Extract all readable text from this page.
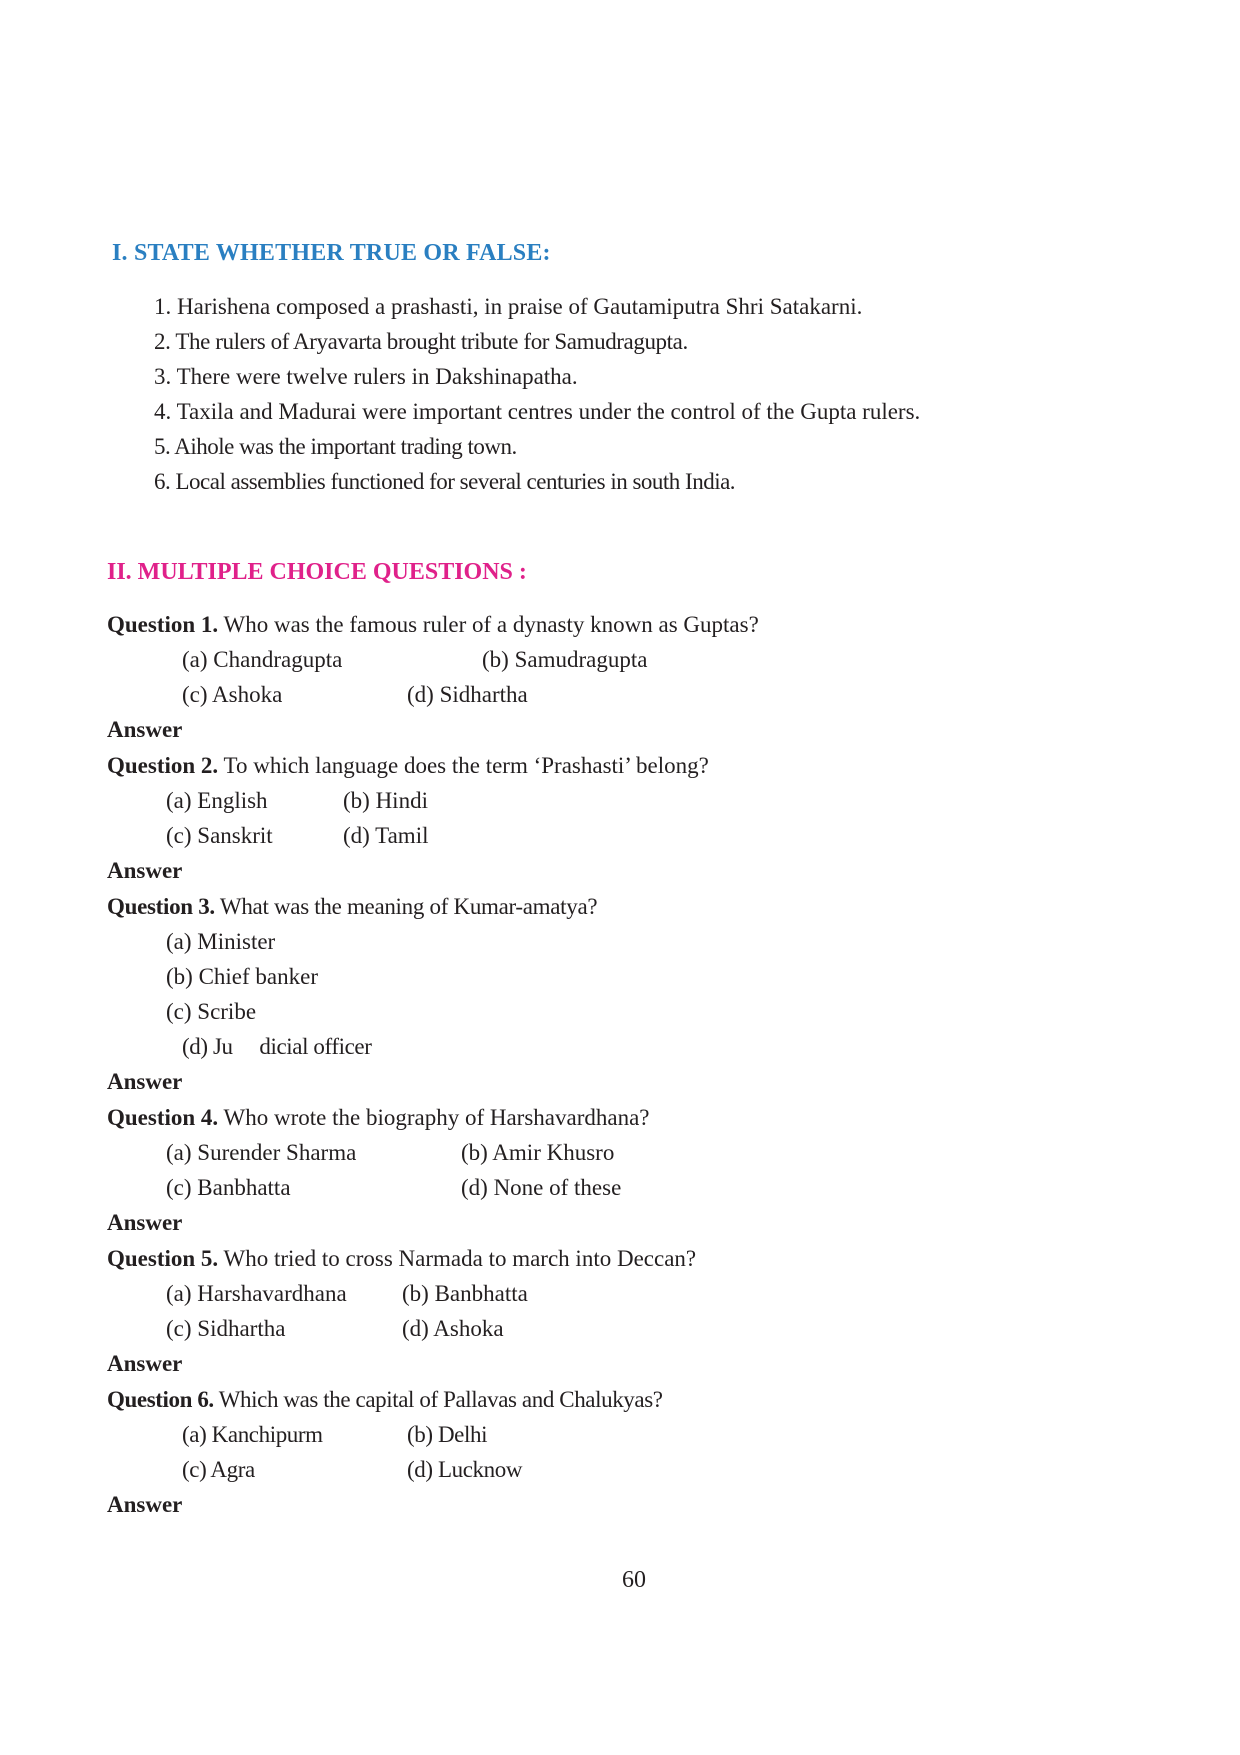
I. STATE WHETHER TRUE OR FALSE:
1. Harishena composed a prashasti, in praise of Gautamiputra Shri Satakarni.
2. The rulers of Aryavarta brought tribute for Samudragupta.
3. There were twelve rulers in Dakshinapatha.
4. Taxila and Madurai were important centres under the control of the Gupta rulers.
5. Aihole was the important trading town.
6. Local assemblies functioned for several centuries in south India.
II. MULTIPLE CHOICE QUESTIONS :
Question 1. Who was the famous ruler of a dynasty known as Guptas?
(a) Chandragupta	(b) Samudragupta
(c) Ashoka	(d) Sidhartha
Answer
Question 2. To which language does the term ‘Prashasti’ belong?
(a) English	(b) Hindi
(c) Sanskrit	(d) Tamil
Answer
Question 3. What was the meaning of Kumar-amatya?
(a) Minister
(b) Chief banker
(c) Scribe
(d) Ju     dicial officer
Answer
Question 4. Who wrote the biography of Harshavardhana?
(a) Surender Sharma	(b) Amir Khusro
(c) Banbhatta	(d) None of these
Answer
Question 5. Who tried to cross Narmada to march into Deccan?
(a) Harshavardhana (b) Banbhatta
(c) Sidhartha	(d) Ashoka
Answer
Question 6. Which was the capital of Pallavas and Chalukyas?
(a) Kanchipurm	(b) Delhi
(c) Agra	(d) Lucknow
Answer
60
